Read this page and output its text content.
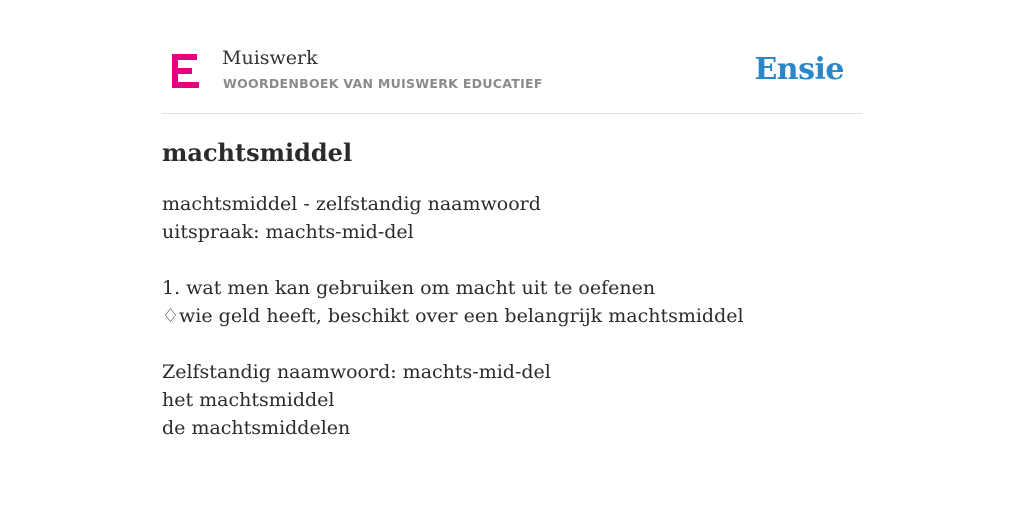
Muiswerk
WOORDENBOEK VAN MUISWERK EDUCATIEF	Ensie
machtsmiddel
machtsmiddel - zelfstandig naamwoord
uitspraak: machts-mid-del
1. wat men kan gebruiken om macht uit te oefenen
♢wie geld heeft, beschikt over een belangrijk machtsmiddel
Zelfstandig naamwoord: machts-mid-del
het machtsmiddel
de machtsmiddelen
